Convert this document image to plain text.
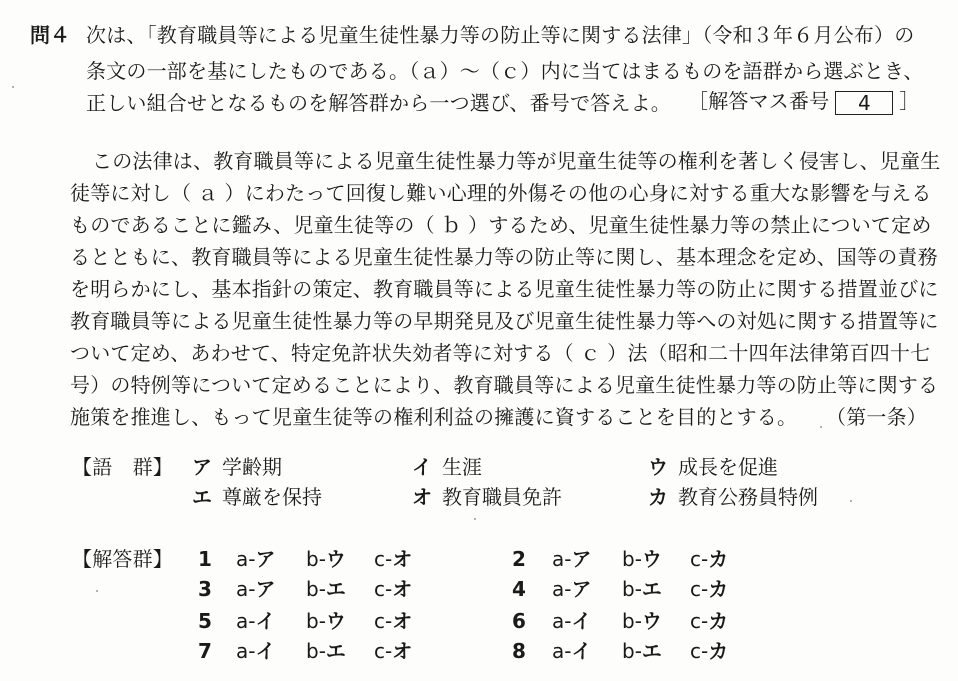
問４ 次は、「教育職員等による児童生徒性暴力等の防止等に関する法律」（令和３年６月公布）の
条文の一部を基にしたものである。（ａ）〜（ｃ）内に当てはまるものを語群から選ぶとき、
正しい組合せとなるものを解答群から一つ選び、番号で答えよ。 ［解答マス番号 4 ］
この法律は、教育職員等による児童生徒性暴力等が児童生徒等の権利を著しく侵害し、児童生
徒等に対し（ ａ ）にわたって回復し難い心理的外傷その他の心身に対する重大な影響を与える
ものであることに鑑み、児童生徒等の（ ｂ ）するため、児童生徒性暴力等の禁止について定め
るとともに、教育職員等による児童生徒性暴力等の防止等に関し、基本理念を定め、国等の責務
を明らかにし、基本指針の策定、教育職員等による児童生徒性暴力等の防止に関する措置並びに
教育職員等による児童生徒性暴力等の早期発見及び児童生徒性暴力等への対処に関する措置等に
ついて定め、あわせて、特定免許状失効者等に対する（ ｃ ）法（昭和二十四年法律第百四十七
号）の特例等について定めることにより、教育職員等による児童生徒性暴力等の防止等に関する
施策を推進し、もって児童生徒等の権利利益の擁護に資することを目的とする。 （第一条）
【語　群】 ア 学齢期	イ 生涯	ウ 成長を促進
エ 尊厳を保持	オ 教育職員免許	カ 教育公務員特例
【解答群】 1 a-ア b-ウ c-オ	2 a-ア b-ウ c-カ
3 a-ア b-エ c-オ	4 a-ア b-エ c-カ
5 a-イ b-ウ c-オ	6 a-イ b-ウ c-カ
7 a-イ b-エ c-オ	8 a-イ b-エ c-カ
